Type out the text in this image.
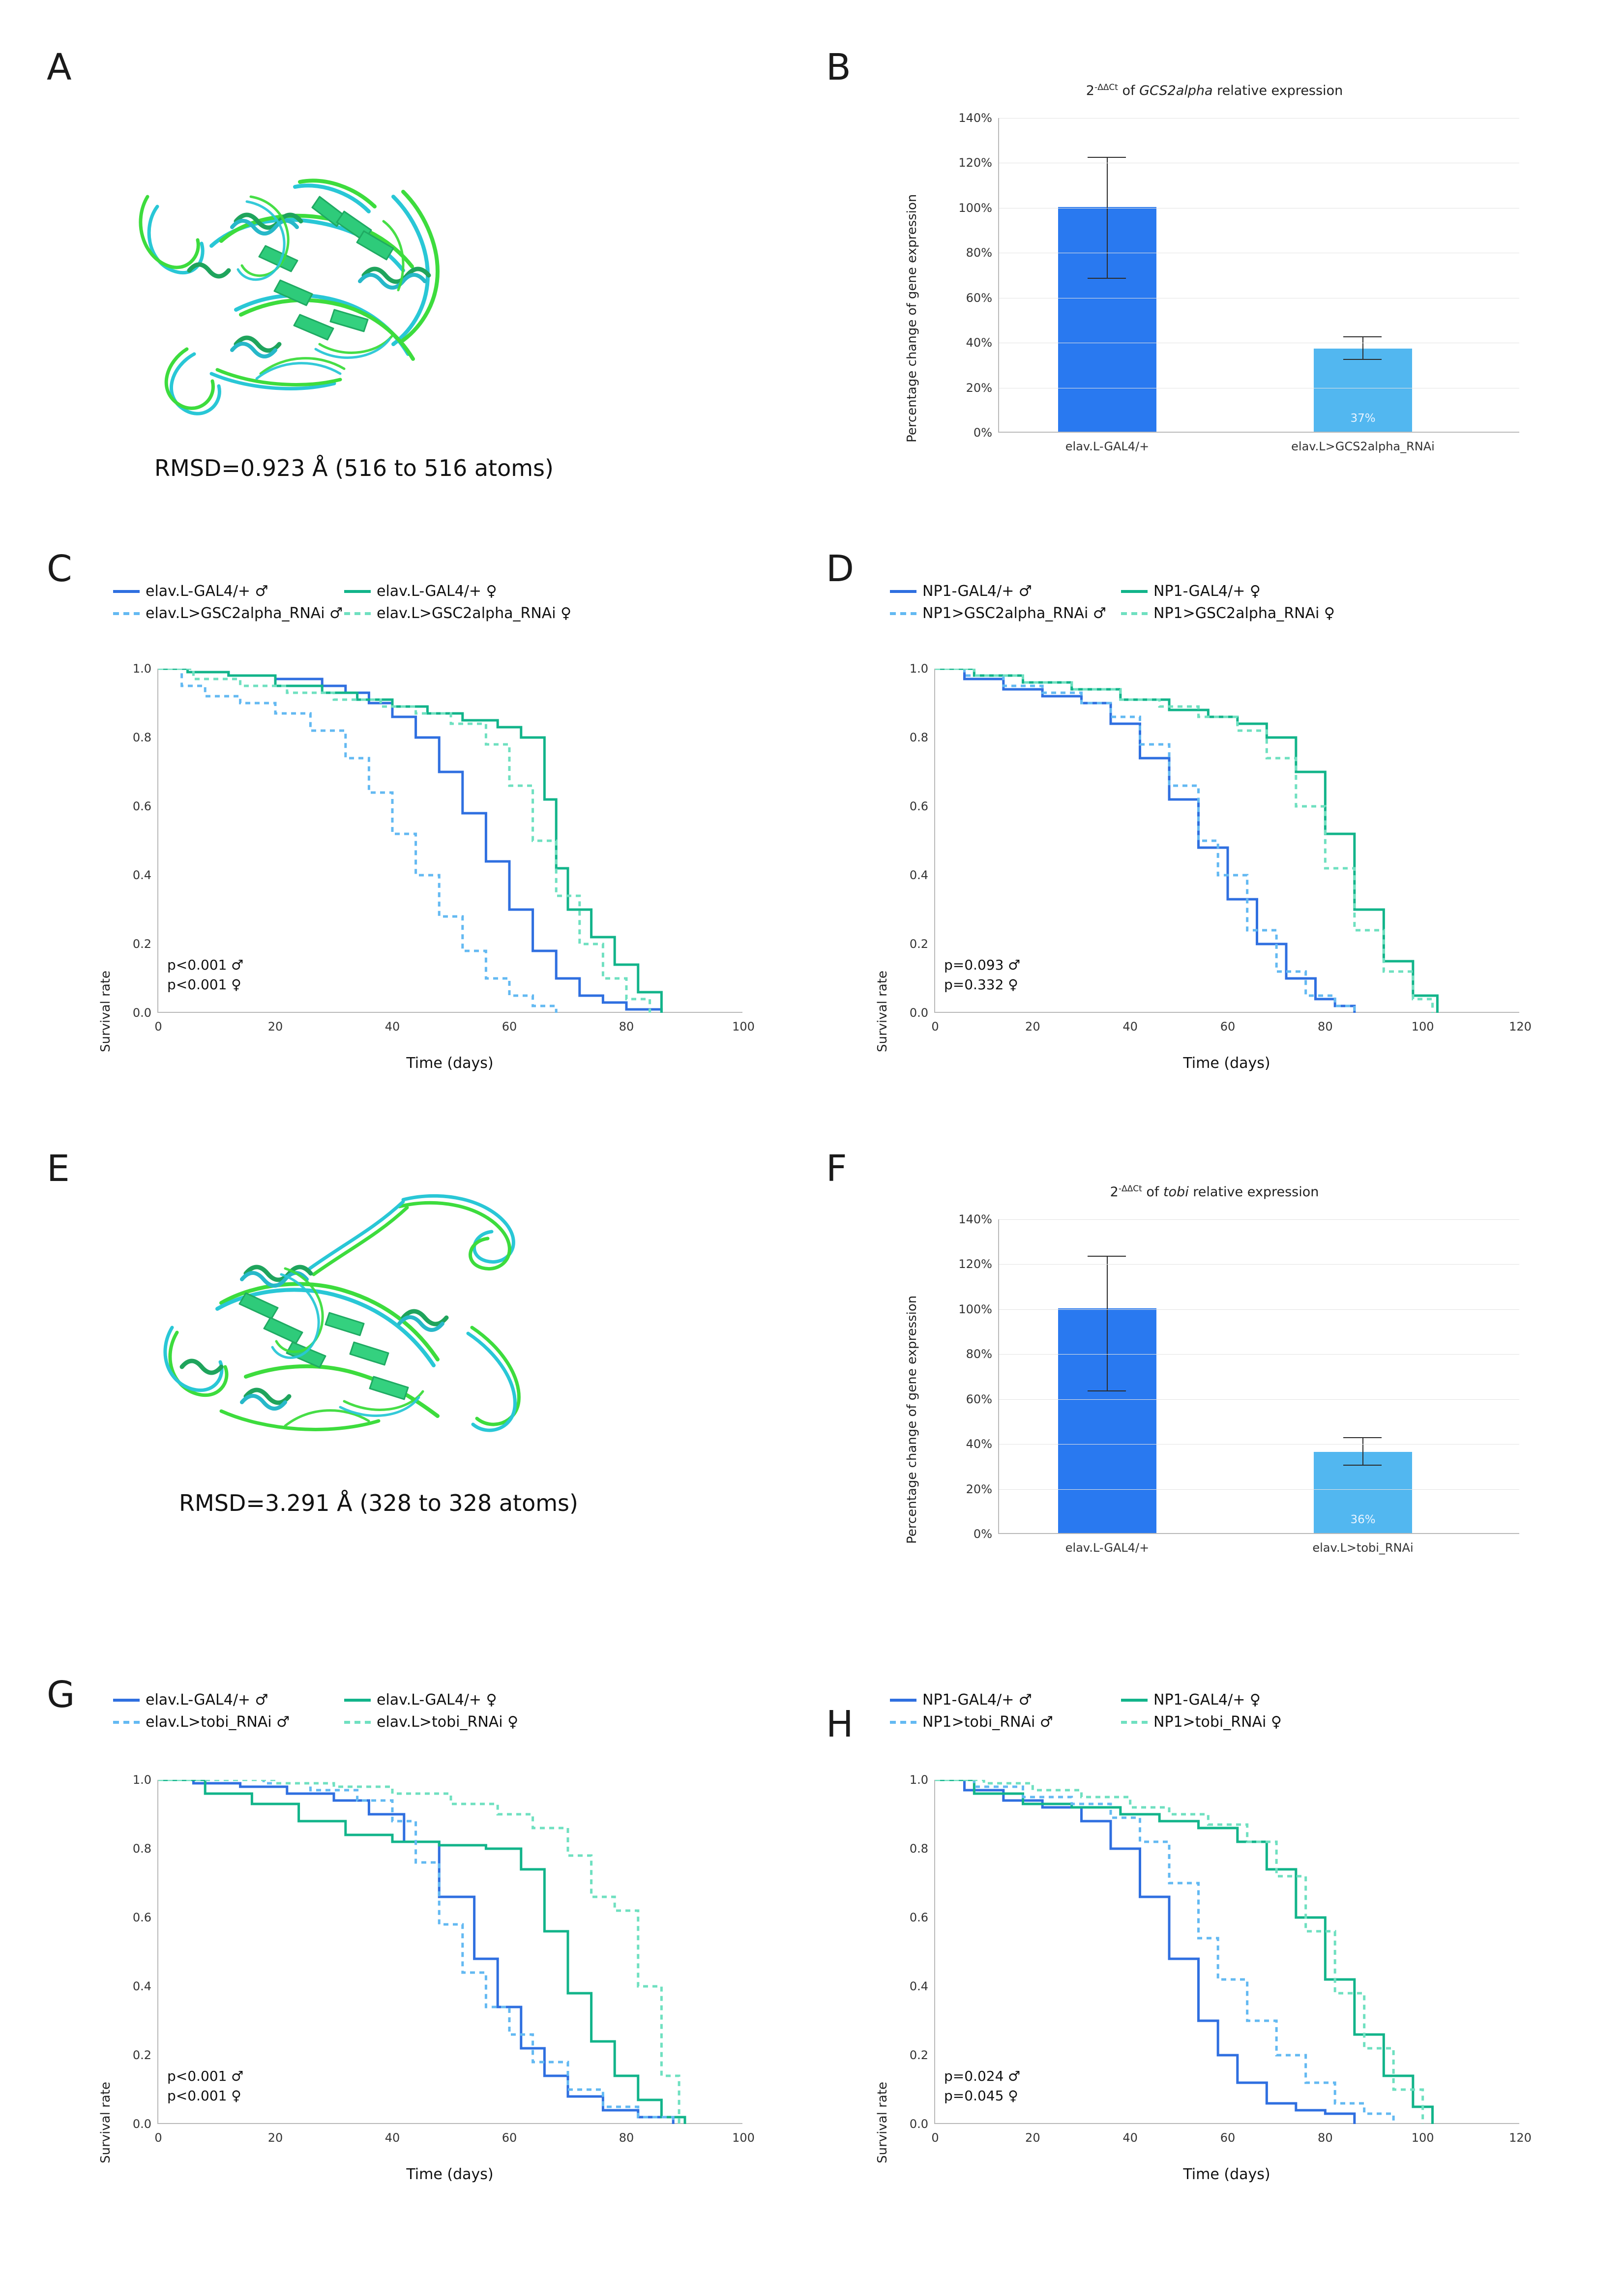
A
RMSD=0.923 Å (516 to 516 atoms)
B
$2^{-\Delta\Delta Ct}$ of GCS2alpha relative expression
Percentage change of gene expression	37%
0%
20%
40%
60%
80%
100%
120%
140%
elav.L-GAL4/+	elav.L>GCS2alpha_RNAi
C
elav.L-GAL4/+ ♂	elav.L-GAL4/+ ♀
elav.L>GSC2alpha_RNAi ♂ elav.L>GSC2alpha_RNAi ♀
Survival rate
p<0.001 ♂
p<0.001 ♀
0.0
0.2
0.4
0.6
0.8
1.0
0	20	40	60	80	100
Time (days)
D
NP1-GAL4/+ ♂	NP1-GAL4/+ ♀
NP1>GSC2alpha_RNAi ♂	NP1>GSC2alpha_RNAi ♀
Survival rate
p=0.093 ♂
p=0.332 ♀
0.0
0.2
0.4
0.6
0.8
1.0
0	20	40	60	80	100	120
Time (days)
E
RMSD=3.291 Å (328 to 328 atoms)
F
$2^{-\Delta\Delta Ct}$ of tobi relative expression
Percentage change of gene expression	36%
0%
20%
40%
60%
80%
100%
120%
140%
elav.L-GAL4/+	elav.L>tobi_RNAi
G	elav.L-GAL4/+ ♂	elav.L-GAL4/+ ♀
elav.L>tobi_RNAi ♂	elav.L>tobi_RNAi ♀
Survival rate
p<0.001 ♂
p<0.001 ♀
0.0
0.2
0.4
0.6
0.8
1.0
0	20	40	60	80	100
Time (days)
H
NP1-GAL4/+ ♂	NP1-GAL4/+ ♀
NP1>tobi_RNAi ♂	NP1>tobi_RNAi ♀
Survival rate
p=0.024 ♂
p=0.045 ♀
0.0
0.2
0.4
0.6
0.8
1.0
0	20	40	60	80	100	120
Time (days)
